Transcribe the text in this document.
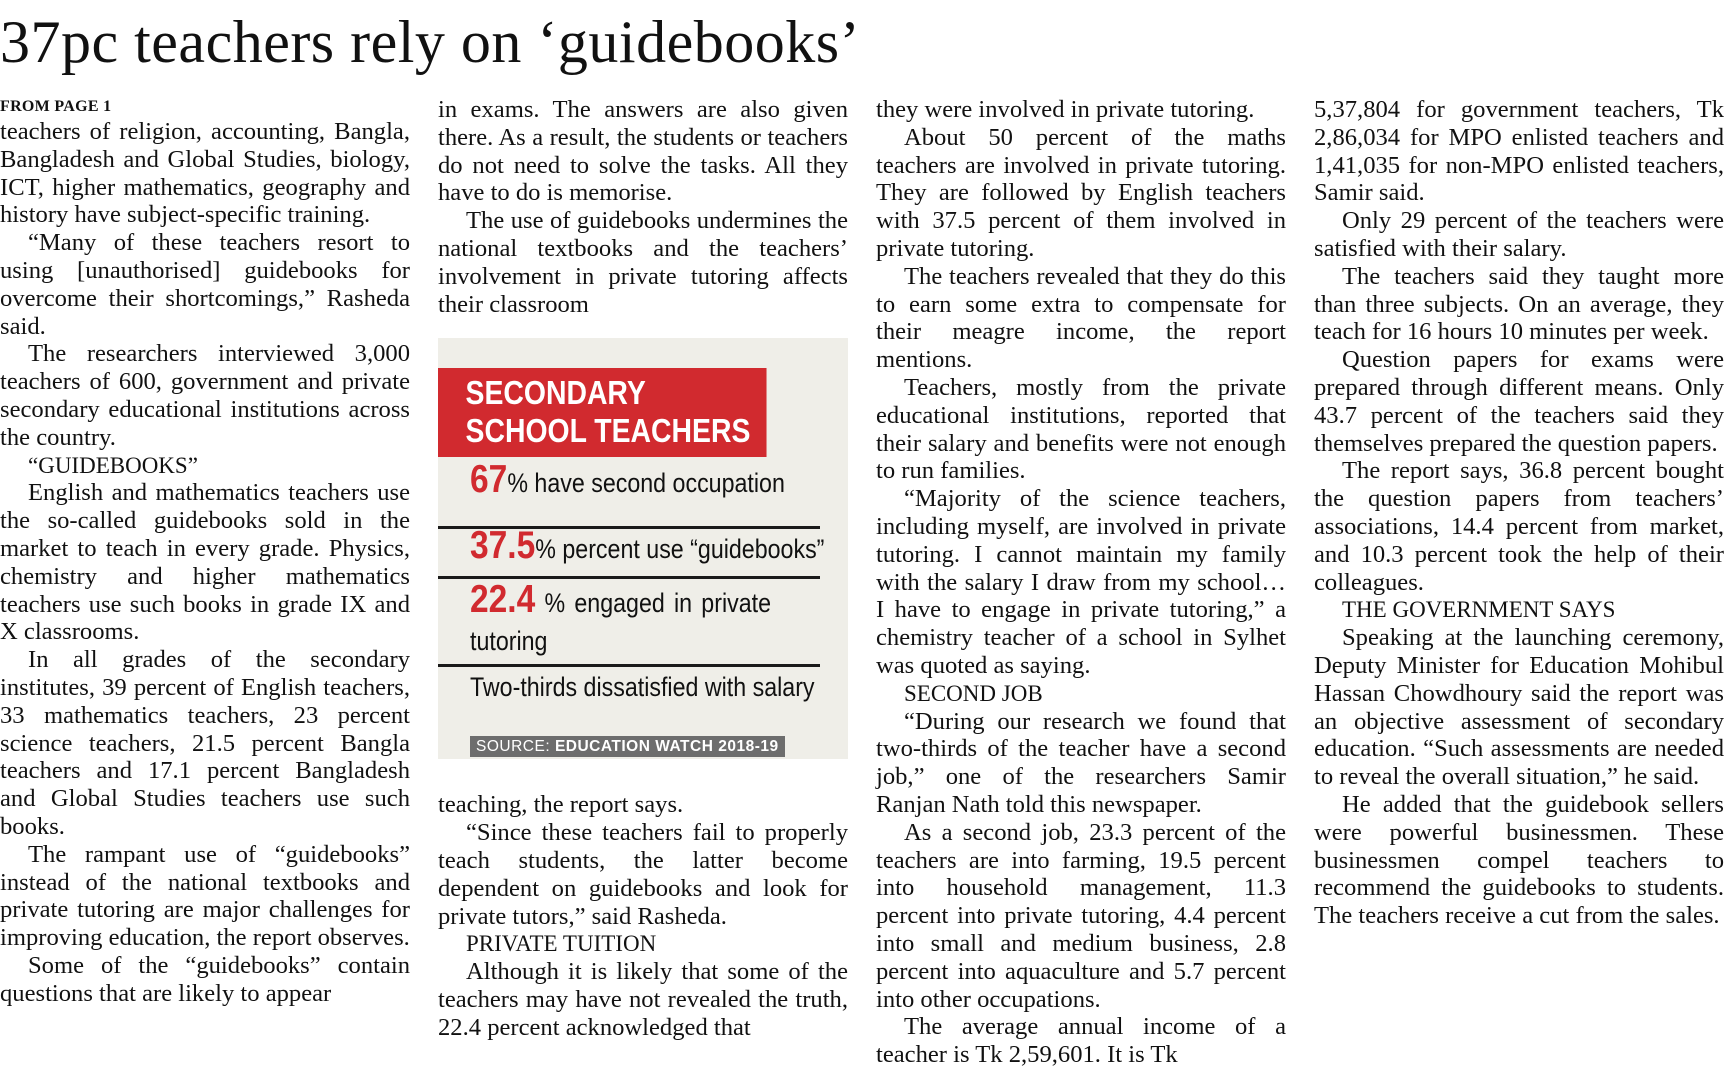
37pc teachers rely on ‘guidebooks’
FROM PAGE 1

teachers of religion, accounting, Bangla, Bangladesh and Global Studies, biology, ICT, higher mathematics, geography and history have subject-specific training.

“Many of these teachers resort to using [unauthorised] guidebooks for overcome their shortcomings,” Rasheda said.

The researchers interviewed 3,000 teachers of 600, government and private secondary educational institutions across the country.

“GUIDEBOOKS”

English and mathematics teachers use the so-called guidebooks sold in the market to teach in every grade. Physics, chemistry and higher mathematics teachers use such books in grade IX and X classrooms.

In all grades of the secondary institutes, 39 percent of English teachers, 33 mathematics teachers, 23 percent science teachers, 21.5 percent Bangla teachers and 17.1 percent Bangladesh and Global Studies teachers use such books.

The rampant use of “guidebooks” instead of the national textbooks and private tutoring are major challenges for improving education, the report observes.

Some of the “guidebooks” contain questions that are likely to appear

in exams. The answers are also given there. As a result, the students or teachers do not need to solve the tasks. All they have to do is memorise.

The use of guidebooks undermines the national textbooks and the teachers’ involvement in private tutoring affects their classroom

SECONDARY SCHOOL TEACHERS
67% have second occupation
37.5% percent use “guidebooks”
22.4 % engaged in private tutoring
Two-thirds dissatisfied with salary
SOURCE: EDUCATION WATCH 2018-19

teaching, the report says.

“Since these teachers fail to properly teach students, the latter become dependent on guidebooks and look for private tutors,” said Rasheda.

PRIVATE TUITION

Although it is likely that some of the teachers may have not revealed the truth, 22.4 percent acknowledged that

they were involved in private tutoring.

About 50 percent of the maths teachers are involved in private tutoring. They are followed by English teachers with 37.5 percent of them involved in private tutoring.

The teachers revealed that they do this to earn some extra to compensate for their meagre income, the report mentions.

Teachers, mostly from the private educational institutions, reported that their salary and benefits were not enough to run families.

“Majority of the science teachers, including myself, are involved in private tutoring. I cannot maintain my family with the salary I draw from my school… I have to engage in private tutoring,” a chemistry teacher of a school in Sylhet was quoted as saying.

SECOND JOB

“During our research we found that two-thirds of the teacher have a second job,” one of the researchers Samir Ranjan Nath told this newspaper.

As a second job, 23.3 percent of the teachers are into farming, 19.5 percent into household management, 11.3 percent into private tutoring, 4.4 percent into small and medium business, 2.8 percent into aquaculture and 5.7 percent into other occupations.

The average annual income of a teacher is Tk 2,59,601. It is Tk

5,37,804 for government teachers, Tk 2,86,034 for MPO enlisted teachers and 1,41,035 for non-MPO enlisted teachers, Samir said.

Only 29 percent of the teachers were satisfied with their salary.

The teachers said they taught more than three subjects. On an average, they teach for 16 hours 10 minutes per week.

Question papers for exams were prepared through different means. Only 43.7 percent of the teachers said they themselves prepared the question papers.

The report says, 36.8 percent bought the question papers from teachers’ associations, 14.4 percent from market, and 10.3 percent took the help of their colleagues.

THE GOVERNMENT SAYS

Speaking at the launching ceremony, Deputy Minister for Education Mohibul Hassan Chowdhoury said the report was an objective assessment of secondary education. “Such assessments are needed to reveal the overall situation,” he said.

He added that the guidebook sellers were powerful businessmen. These businessmen compel teachers to recommend the guidebooks to students. The teachers receive a cut from the sales.
